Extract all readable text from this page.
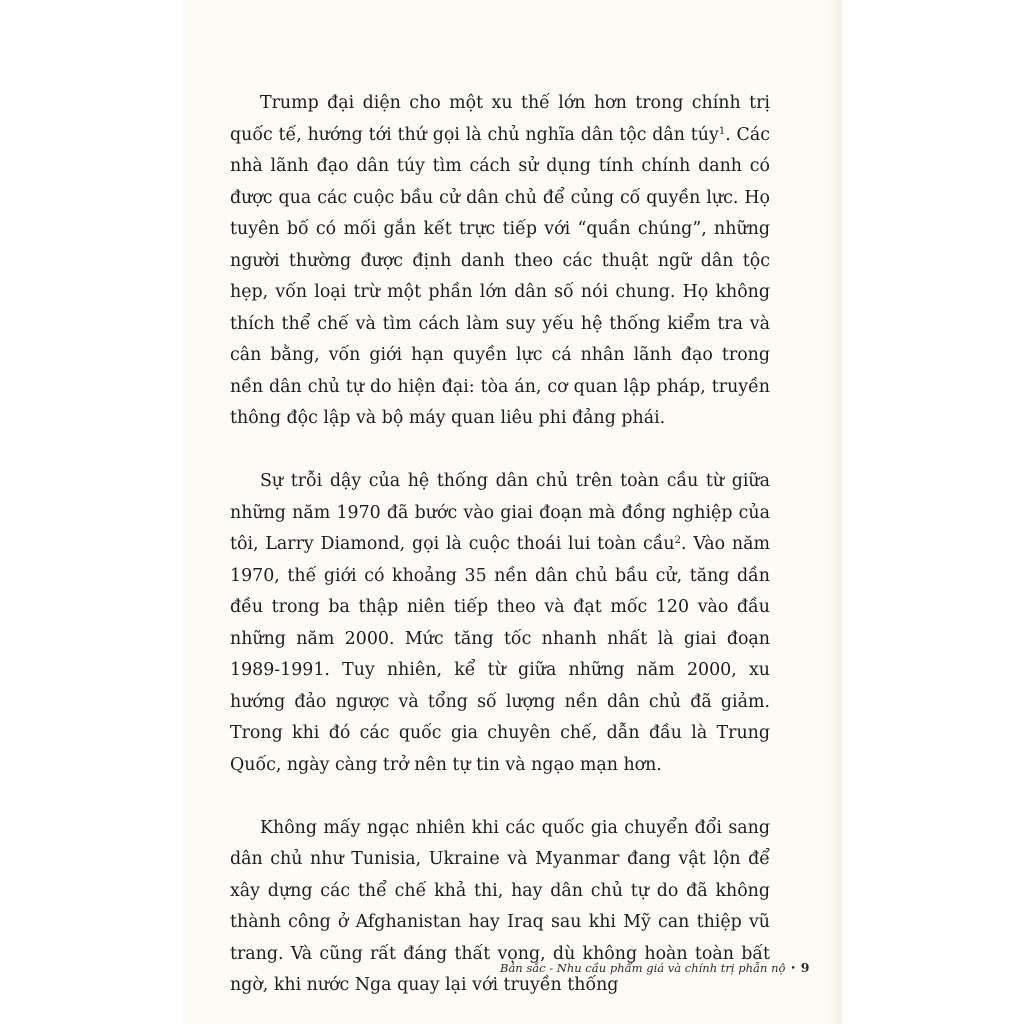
Trump đại diện cho một xu thế lớn hơn trong chính trị quốc tế, hướng tới thứ gọi là chủ nghĩa dân tộc dân túy$^1$. Các nhà lãnh đạo dân túy tìm cách sử dụng tính chính danh có được qua các cuộc bầu cử dân chủ để củng cố quyền lực. Họ tuyên bố có mối gắn kết trực tiếp với “quần chúng”, những người thường được định danh theo các thuật ngữ dân tộc hẹp, vốn loại trừ một phần lớn dân số nói chung. Họ không thích thể chế và tìm cách làm suy yếu hệ thống kiểm tra và cân bằng, vốn giới hạn quyền lực cá nhân lãnh đạo trong nền dân chủ tự do hiện đại: tòa án, cơ quan lập pháp, truyền thông độc lập và bộ máy quan liêu phi đảng phái.

Sự trỗi dậy của hệ thống dân chủ trên toàn cầu từ giữa những năm 1970 đã bước vào giai đoạn mà đồng nghiệp của tôi, Larry Diamond, gọi là cuộc thoái lui toàn cầu$^2$. Vào năm 1970, thế giới có khoảng 35 nền dân chủ bầu cử, tăng dần đều trong ba thập niên tiếp theo và đạt mốc 120 vào đầu những năm 2000. Mức tăng tốc nhanh nhất là giai đoạn 1989-1991. Tuy nhiên, kể từ giữa những năm 2000, xu hướng đảo ngược và tổng số lượng nền dân chủ đã giảm. Trong khi đó các quốc gia chuyên chế, dẫn đầu là Trung Quốc, ngày càng trở nên tự tin và ngạo mạn hơn.

Không mấy ngạc nhiên khi các quốc gia chuyển đổi sang dân chủ như Tunisia, Ukraine và Myanmar đang vật lộn để xây dựng các thể chế khả thi, hay dân chủ tự do đã không thành công ở Afghanistan hay Iraq sau khi Mỹ can thiệp vũ trang. Và cũng rất đáng thất vọng, dù không hoàn toàn bất ngờ, khi nước Nga quay lại với truyền thống

Bản sắc - Nhu cầu phẩm giá và chính trị phẫn nộ • 9
